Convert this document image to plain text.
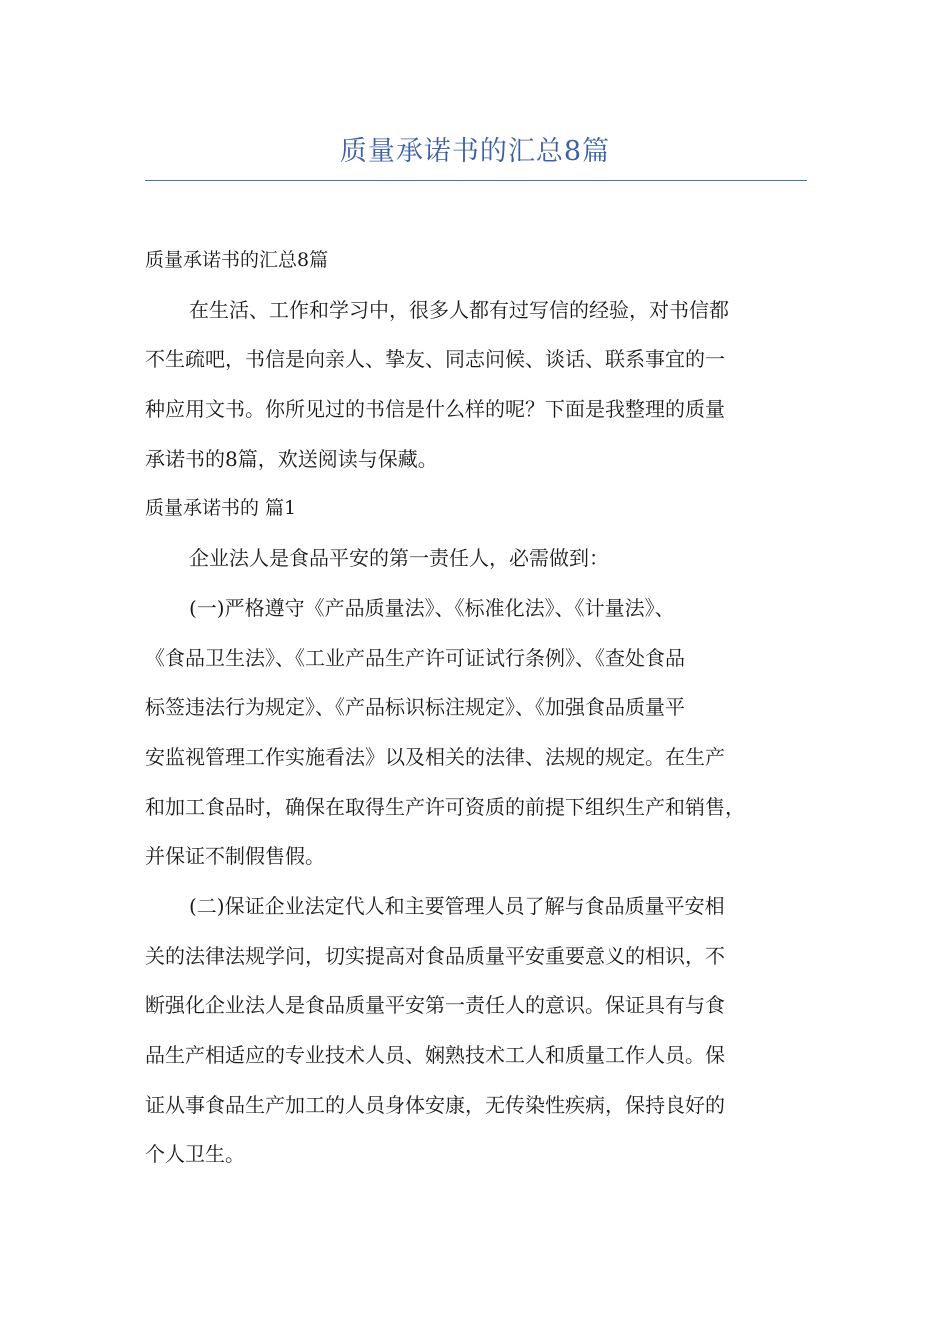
质量承诺书的汇总8篇
质量承诺书的汇总8篇
在生活、工作和学习中，很多人都有过写信的经验，对书信都
不生疏吧，书信是向亲人、挚友、同志问候、谈话、联系事宜的一
种应用文书。你所见过的书信是什么样的呢？下面是我整理的质量
承诺书的8篇，欢送阅读与保藏。
质量承诺书的 篇1
企业法人是食品平安的第一责任人，必需做到：
(一)严格遵守《产品质量法》、《标准化法》、《计量法》、
《食品卫生法》、《工业产品生产许可证试行条例》、《查处食品
标签违法行为规定》、《产品标识标注规定》、《加强食品质量平
安监视管理工作实施看法》以及相关的法律、法规的规定。在生产
和加工食品时，确保在取得生产许可资质的前提下组织生产和销售，
并保证不制假售假。
(二)保证企业法定代人和主要管理人员了解与食品质量平安相
关的法律法规学问，切实提高对食品质量平安重要意义的相识，不
断强化企业法人是食品质量平安第一责任人的意识。保证具有与食
品生产相适应的专业技术人员、娴熟技术工人和质量工作人员。保
证从事食品生产加工的人员身体安康，无传染性疾病，保持良好的
个人卫生。
